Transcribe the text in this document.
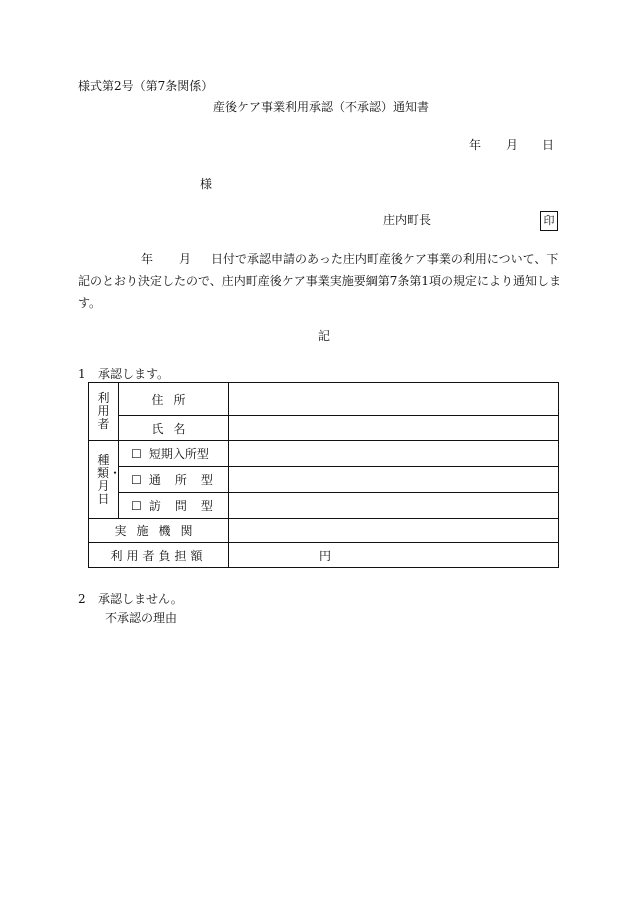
様式第2号（第7条関係）
産後ケア事業利用承認（不承認）通知書
年 月 日
様
庄内町長	印
年 月 日付で承認申請のあった庄内町産後ケア事業の利用について、下記のとおり決定したので、庄内町産後ケア事業実施要綱第7条第1項の規定により通知します。
記
1 承認します。
利用者	住所	
	氏名	

種類・月日	☐ 短期入所型	
	☐ 通所型	
	☐ 訪問型	
実施機関		
利用者負担額		円
2 承認しません。
不承認の理由
